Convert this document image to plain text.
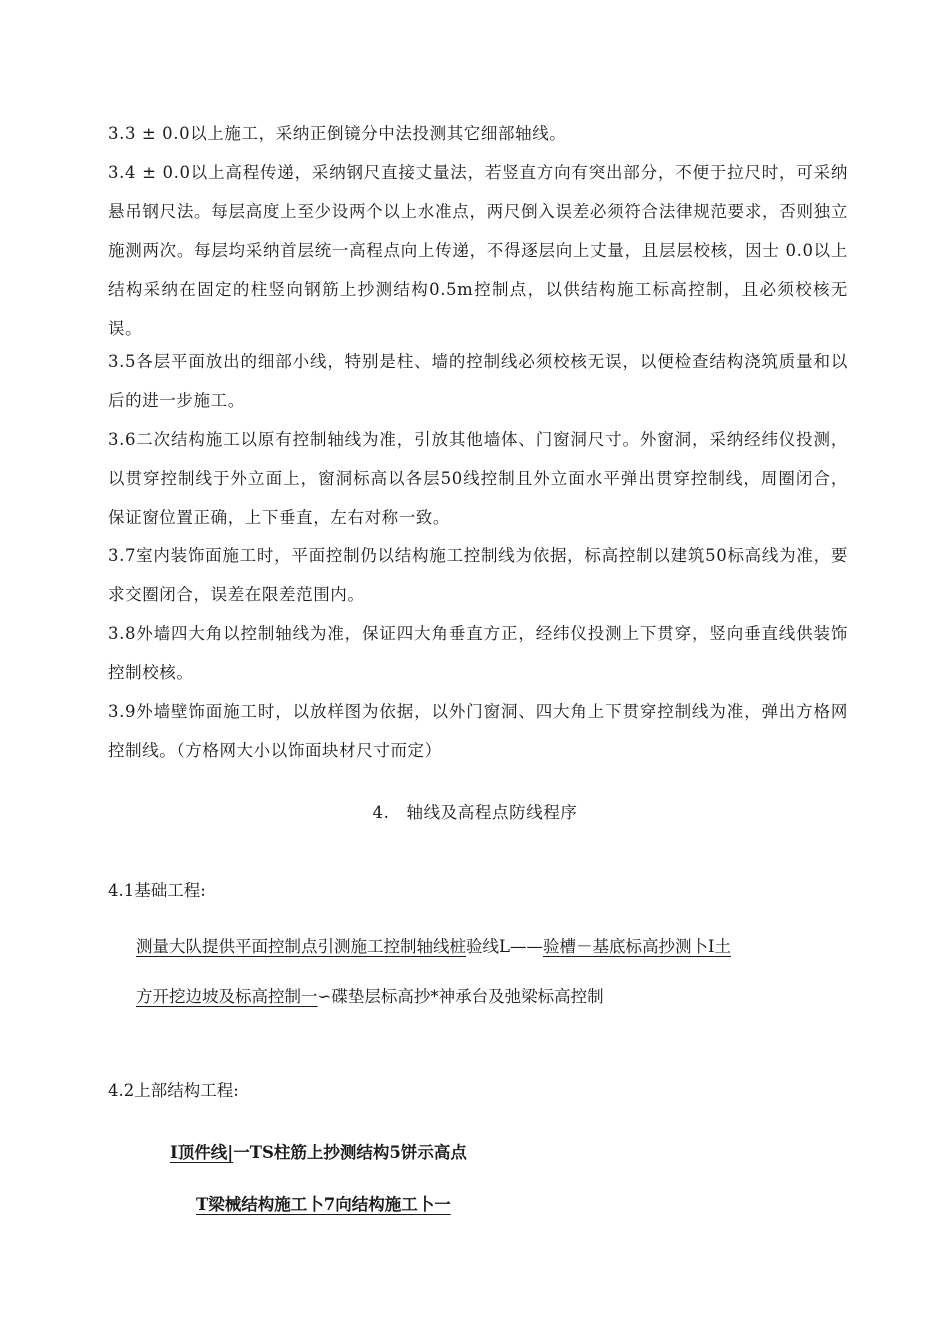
3.3 ± 0.0以上施工，采纳正倒镜分中法投测其它细部轴线。

3.4 ± 0.0以上高程传递，采纳钢尺直接丈量法，若竖直方向有突出部分，不便于拉尺时，可采纳悬吊钢尺法。每层高度上至少设两个以上水准点，两尺倒入误差必须符合法律规范要求，否则独立施测两次。每层均采纳首层统一高程点向上传递，不得逐层向上丈量，且层层校核，因士 0.0以上结构采纳在固定的柱竖向钢筋上抄测结构0.5m控制点，以供结构施工标高控制，且必须校核无误。

3.5各层平面放出的细部小线，特别是柱、墙的控制线必须校核无误，以便检查结构浇筑质量和以后的进一步施工。

3.6二次结构施工以原有控制轴线为准，引放其他墙体、门窗洞尺寸。外窗洞，采纳经纬仪投测，以贯穿控制线于外立面上，窗洞标高以各层50线控制且外立面水平弹出贯穿控制线，周圈闭合，保证窗位置正确，上下垂直，左右对称一致。

3.7室内装饰面施工时，平面控制仍以结构施工控制线为依据，标高控制以建筑50标高线为准，要求交圈闭合，误差在限差范围内。

3.8外墙四大角以控制轴线为准，保证四大角垂直方正，经纬仪投测上下贯穿，竖向垂直线供装饰控制校核。

3.9外墙壁饰面施工时，以放样图为依据，以外门窗洞、四大角上下贯穿控制线为准，弹出方格网控制线。（方格网大小以饰面块材尺寸而定）

4.　轴线及高程点防线程序

4.1基础工程:

测量大队提供平面控制点引测施工控制轴线桩验线L——验槽－基底标高抄测卜I土

方开挖边坡及标高控制一∽碟垫层标高抄*神承台及弛梁标高控制

4.2上部结构工程:

I顶件线|一TS柱筋上抄测结构5饼示高点

T梁械结构施工卜7向结构施工卜一
